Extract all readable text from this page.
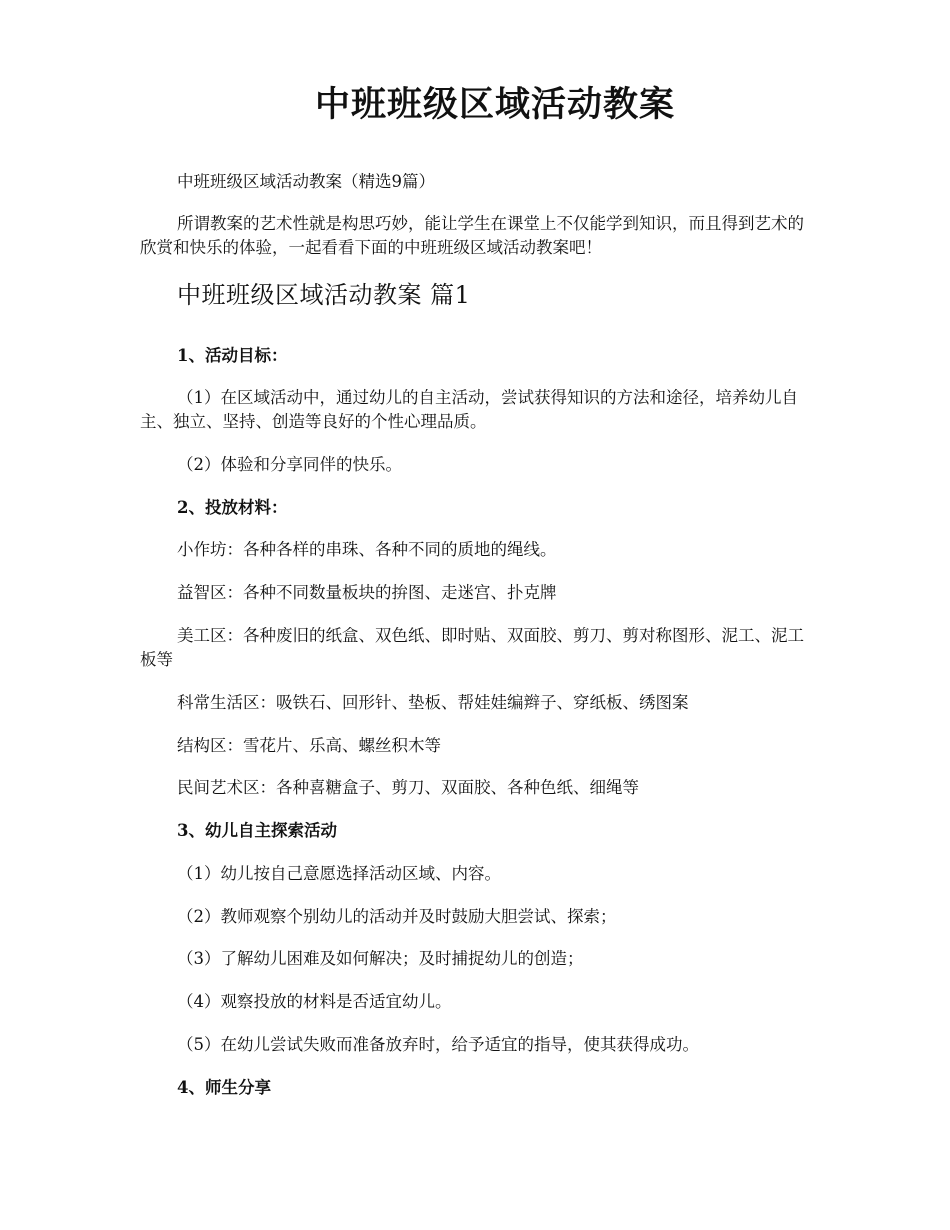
中班班级区域活动教案

中班班级区域活动教案（精选9篇）

所谓教案的艺术性就是构思巧妙，能让学生在课堂上不仅能学到知识，而且得到艺术的欣赏和快乐的体验，一起看看下面的中班班级区域活动教案吧！

中班班级区域活动教案 篇1

1、活动目标：

（1）在区域活动中，通过幼儿的自主活动，尝试获得知识的方法和途径，培养幼儿自主、独立、坚持、创造等良好的个性心理品质。

（2）体验和分享同伴的快乐。

2、投放材料：

小作坊：各种各样的串珠、各种不同的质地的绳线。

益智区：各种不同数量板块的拚图、走迷宫、扑克牌

美工区：各种废旧的纸盒、双色纸、即时贴、双面胶、剪刀、剪对称图形、泥工、泥工板等

科常生活区：吸铁石、回形针、垫板、帮娃娃编辫子、穿纸板、绣图案

结构区：雪花片、乐高、螺丝积木等

民间艺术区：各种喜糖盒子、剪刀、双面胶、各种色纸、细绳等

3、幼儿自主探索活动

（1）幼儿按自己意愿选择活动区域、内容。

（2）教师观察个别幼儿的活动并及时鼓励大胆尝试、探索；

（3）了解幼儿困难及如何解决；及时捕捉幼儿的创造；

（4）观察投放的材料是否适宜幼儿。

（5）在幼儿尝试失败而准备放弃时，给予适宜的指导，使其获得成功。

4、师生分享
